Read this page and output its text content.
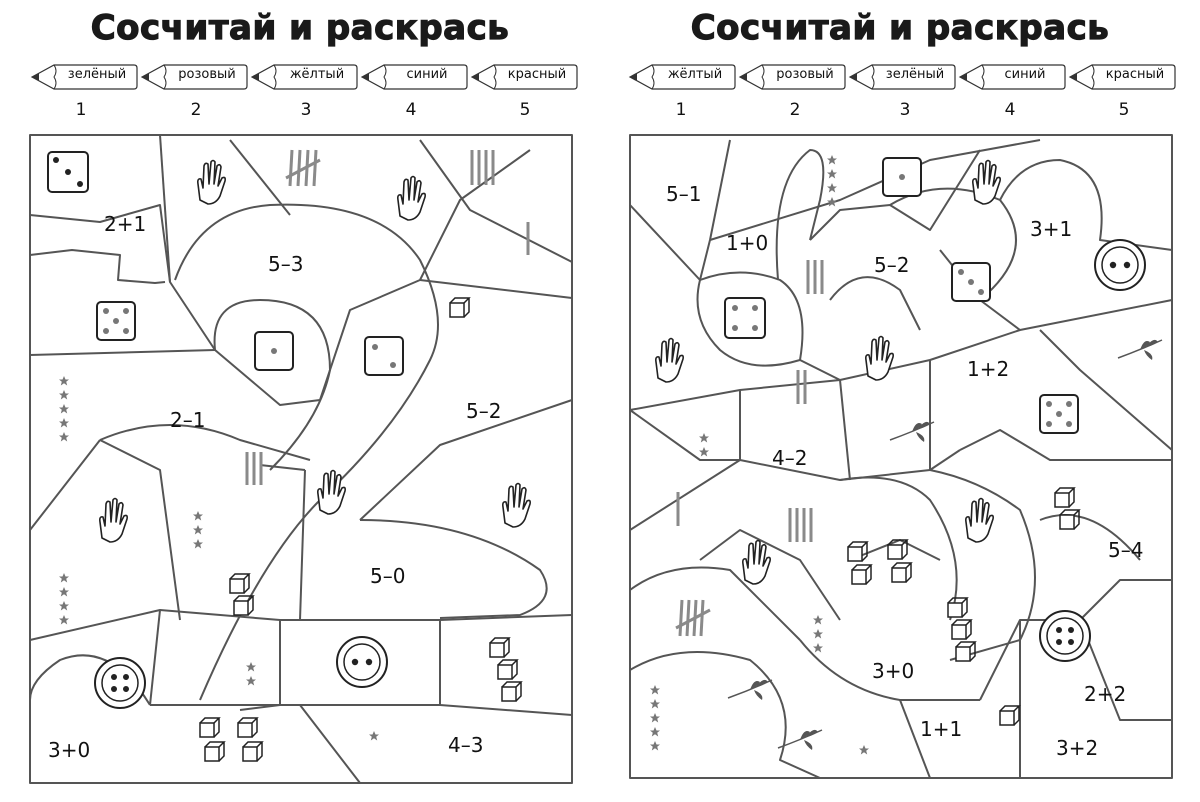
Сосчитай и раскрась
зелёный	розовый	жёлтый	синий	красный
1	2	3	4	5
2+1
5–3
2–1	5–2
5–0
3+0	4–3
Сосчитай и раскрась
жёлтый	розовый	зелёный	синий	красный
1	2	3	4	5
5–1
1+0
5–2
3+1
1+2
4–2
5–4
3+0
2+2
1+1
3+2
